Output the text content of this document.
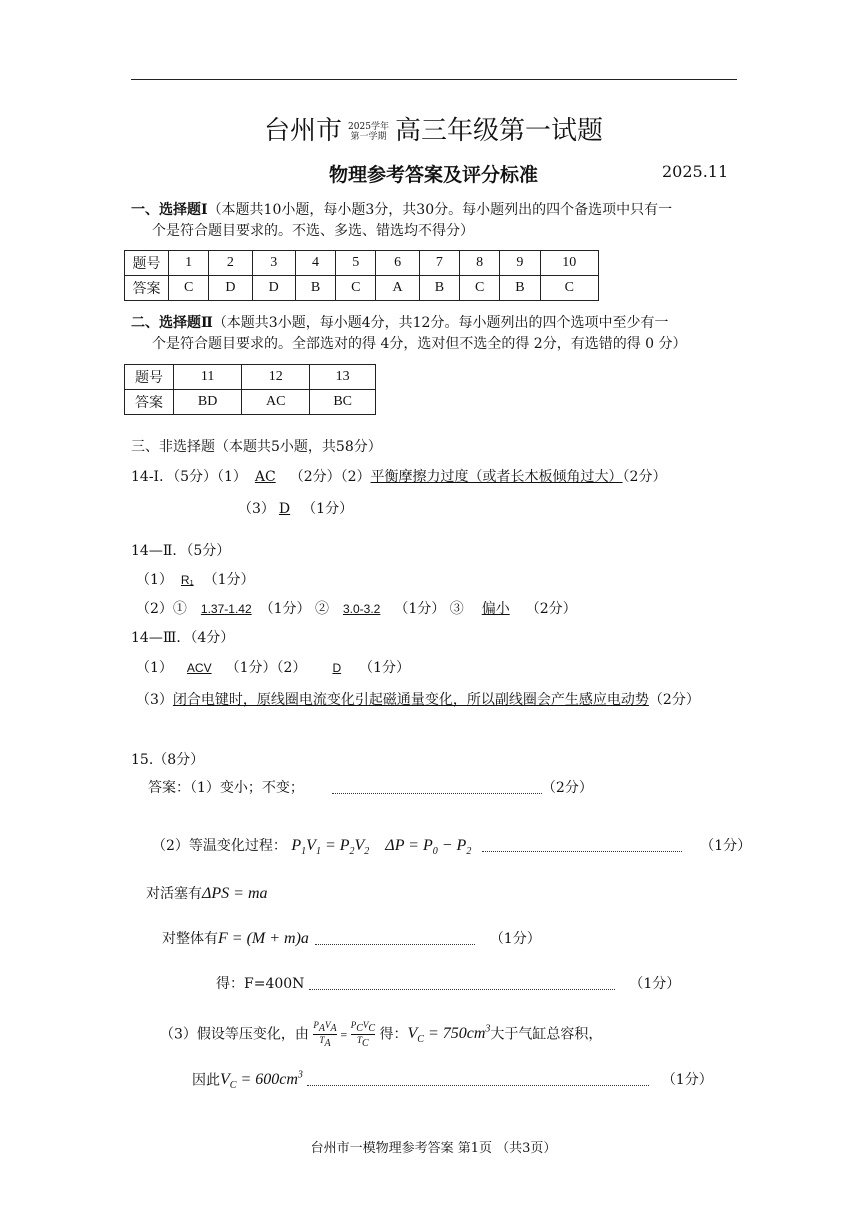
台州市 2025学年
第一学期 高三年级第一试题
物理参考答案及评分标准	2025.11
一、选择题Ⅰ（本题共10小题，每小题3分，共30分。每小题列出的四个备选项中只有一
个是符合题目要求的。不选、多选、错选均不得分）
题号	1	2	3	4	5	6	7	8	9	10
答案	C	D	D	B	C	A	B	C	B	C
二、选择题Ⅱ（本题共3小题，每小题4分，共12分。每小题列出的四个选项中至少有一
个是符合题目要求的。全部选对的得 4分，选对但不选全的得 2分，有选错的得 0 分）
题号	11	12	13
答案	BD	AC	BC
三、非选择题（本题共5小题，共58分）
14-Ⅰ．（5分）（1） AC （2分）（2）平衡摩擦力过度（或者长木板倾角过大）（2分）
（3） D （1分）
14—Ⅱ．（5分）
（1） R₁ （1分）
（2）① 1.37-1.42 （1分） ② 3.0-3.2 （1分） ③ 偏小 （2分）
14—Ⅲ．（4分）
（1） ACV （1分）（2） D （1分）
（3）闭合电键时，原线圈电流变化引起磁通量变化，所以副线圈会产生感应电动势（2分）
15.（8分）
答案：（1）变小；不变；	（2分）
（2）等温变化过程： $P_1V_1 = P_2V_2$    $\Delta P = P_0 - P_2$	（1分）
对活塞有ΔPS = ma
对整体有F = (M + m)a	（1分）
得：F=400N	（1分）
（3）假设等压变化，由 $P_AV_A$
$T_A = P_CV_C$
$T_C$ 得：$V_C = 750cm^3$大于气缸总容积，
因此$V_C = 600cm^3$	（1分）
台州市一模物理参考答案 第1页 （共3页）
